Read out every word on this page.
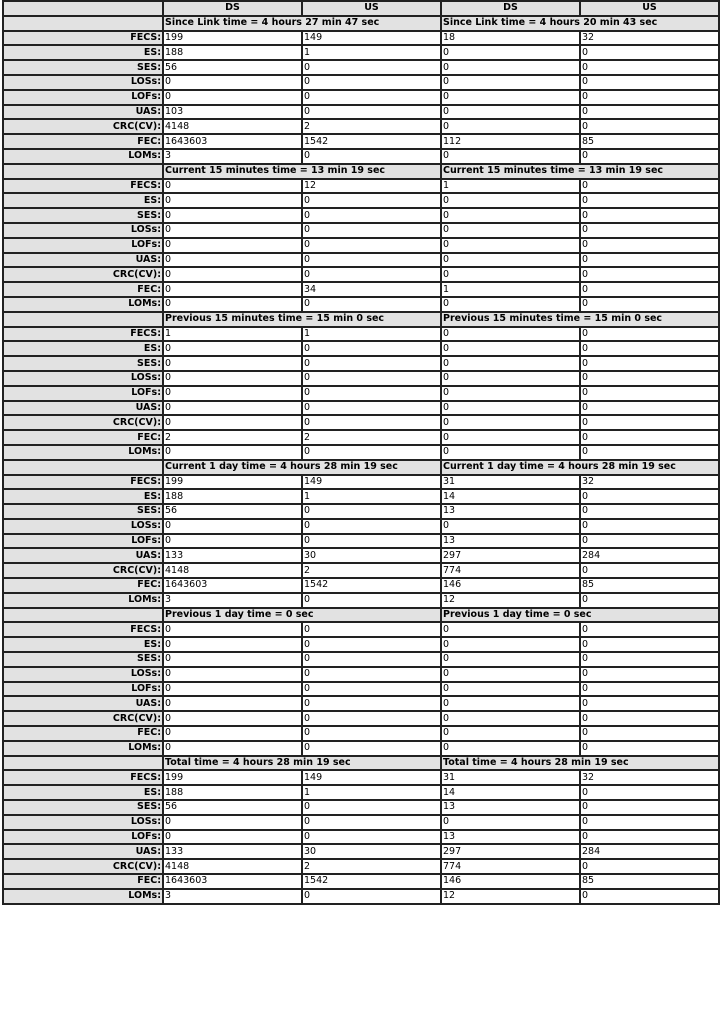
	DS	US	DS	US
	Since Link time = 4 hours 27 min 47 sec		Since Link time = 4 hours 20 min 43 sec	
FECS:	199	149	18	32
ES:	188	1	0	0
SES:	56	0	0	0
LOSs:	0	0	0	0
LOFs:	0	0	0	0
UAS:	103	0	0	0
CRC(CV):	4148	2	0	0
FEC:	1643603	1542	112	85
LOMs:	3	0	0	0
	Current 15 minutes time = 13 min 19 sec		Current 15 minutes time = 13 min 19 sec	
FECS:	0	12	1	0
ES:	0	0	0	0
SES:	0	0	0	0
LOSs:	0	0	0	0
LOFs:	0	0	0	0
UAS:	0	0	0	0
CRC(CV):	0	0	0	0
FEC:	0	34	1	0
LOMs:	0	0	0	0
	Previous 15 minutes time = 15 min 0 sec		Previous 15 minutes time = 15 min 0 sec	
FECS:	1	1	0	0
ES:	0	0	0	0
SES:	0	0	0	0
LOSs:	0	0	0	0
LOFs:	0	0	0	0
UAS:	0	0	0	0
CRC(CV):	0	0	0	0
FEC:	2	2	0	0
LOMs:	0	0	0	0
	Current 1 day time = 4 hours 28 min 19 sec		Current 1 day time = 4 hours 28 min 19 sec	
FECS:	199	149	31	32
ES:	188	1	14	0
SES:	56	0	13	0
LOSs:	0	0	0	0
LOFs:	0	0	13	0
UAS:	133	30	297	284
CRC(CV):	4148	2	774	0
FEC:	1643603	1542	146	85
LOMs:	3	0	12	0
	Previous 1 day time = 0 sec		Previous 1 day time = 0 sec	
FECS:	0	0	0	0
ES:	0	0	0	0
SES:	0	0	0	0
LOSs:	0	0	0	0
LOFs:	0	0	0	0
UAS:	0	0	0	0
CRC(CV):	0	0	0	0
FEC:	0	0	0	0
LOMs:	0	0	0	0
	Total time = 4 hours 28 min 19 sec		Total time = 4 hours 28 min 19 sec	
FECS:	199	149	31	32
ES:	188	1	14	0
SES:	56	0	13	0
LOSs:	0	0	0	0
LOFs:	0	0	13	0
UAS:	133	30	297	284
CRC(CV):	4148	2	774	0
FEC:	1643603	1542	146	85
LOMs:	3	0	12	0
